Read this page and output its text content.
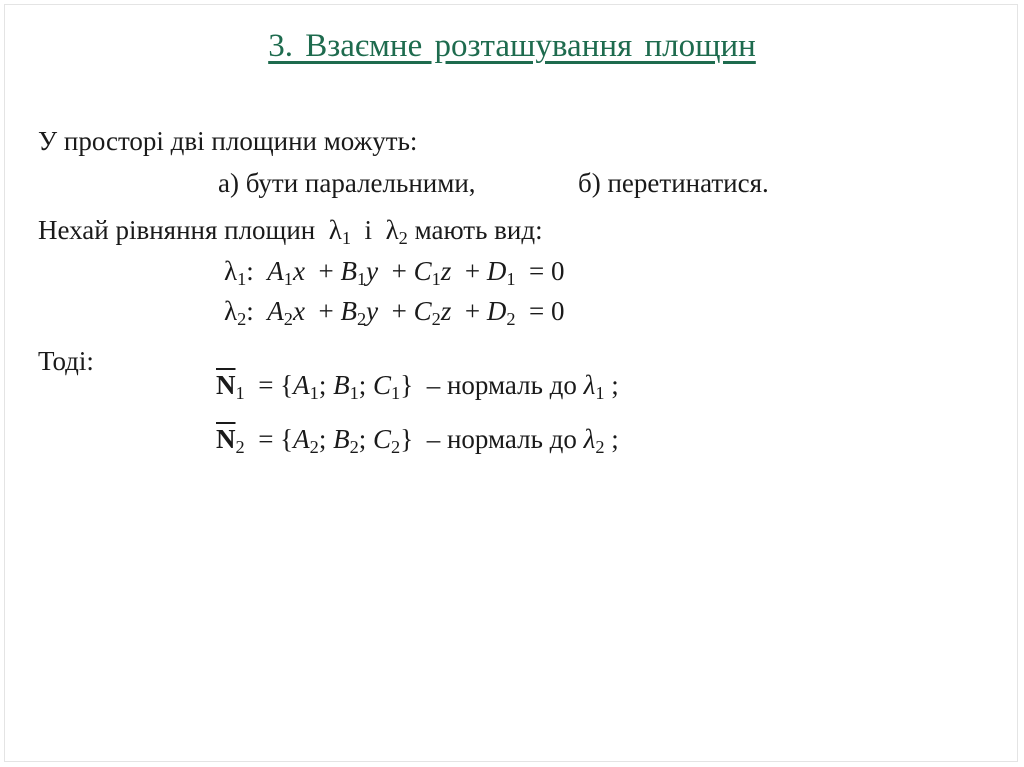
3. Взаємне розташування площин
У просторі дві площини можуть:
а) бути паралельними,	б) перетинатися.
Нехай рівняння площин $\lambda_1$ і $\lambda_2$ мають вид:
$\lambda_1$:  $A_1x + B_1y + C_1z + D_1 = 0$
$\lambda_2$:  $A_2x + B_2y + C_2z + D_2 = 0$
Тоді:
$\overline{N}_1 = \{A_1$; $B_1$; $C_1$}  – нормаль до $\lambda_1$ ;
$\overline{N}_2 = \{A_2$; $B_2$; $C_2$}  – нормаль до $\lambda_2$ ;
